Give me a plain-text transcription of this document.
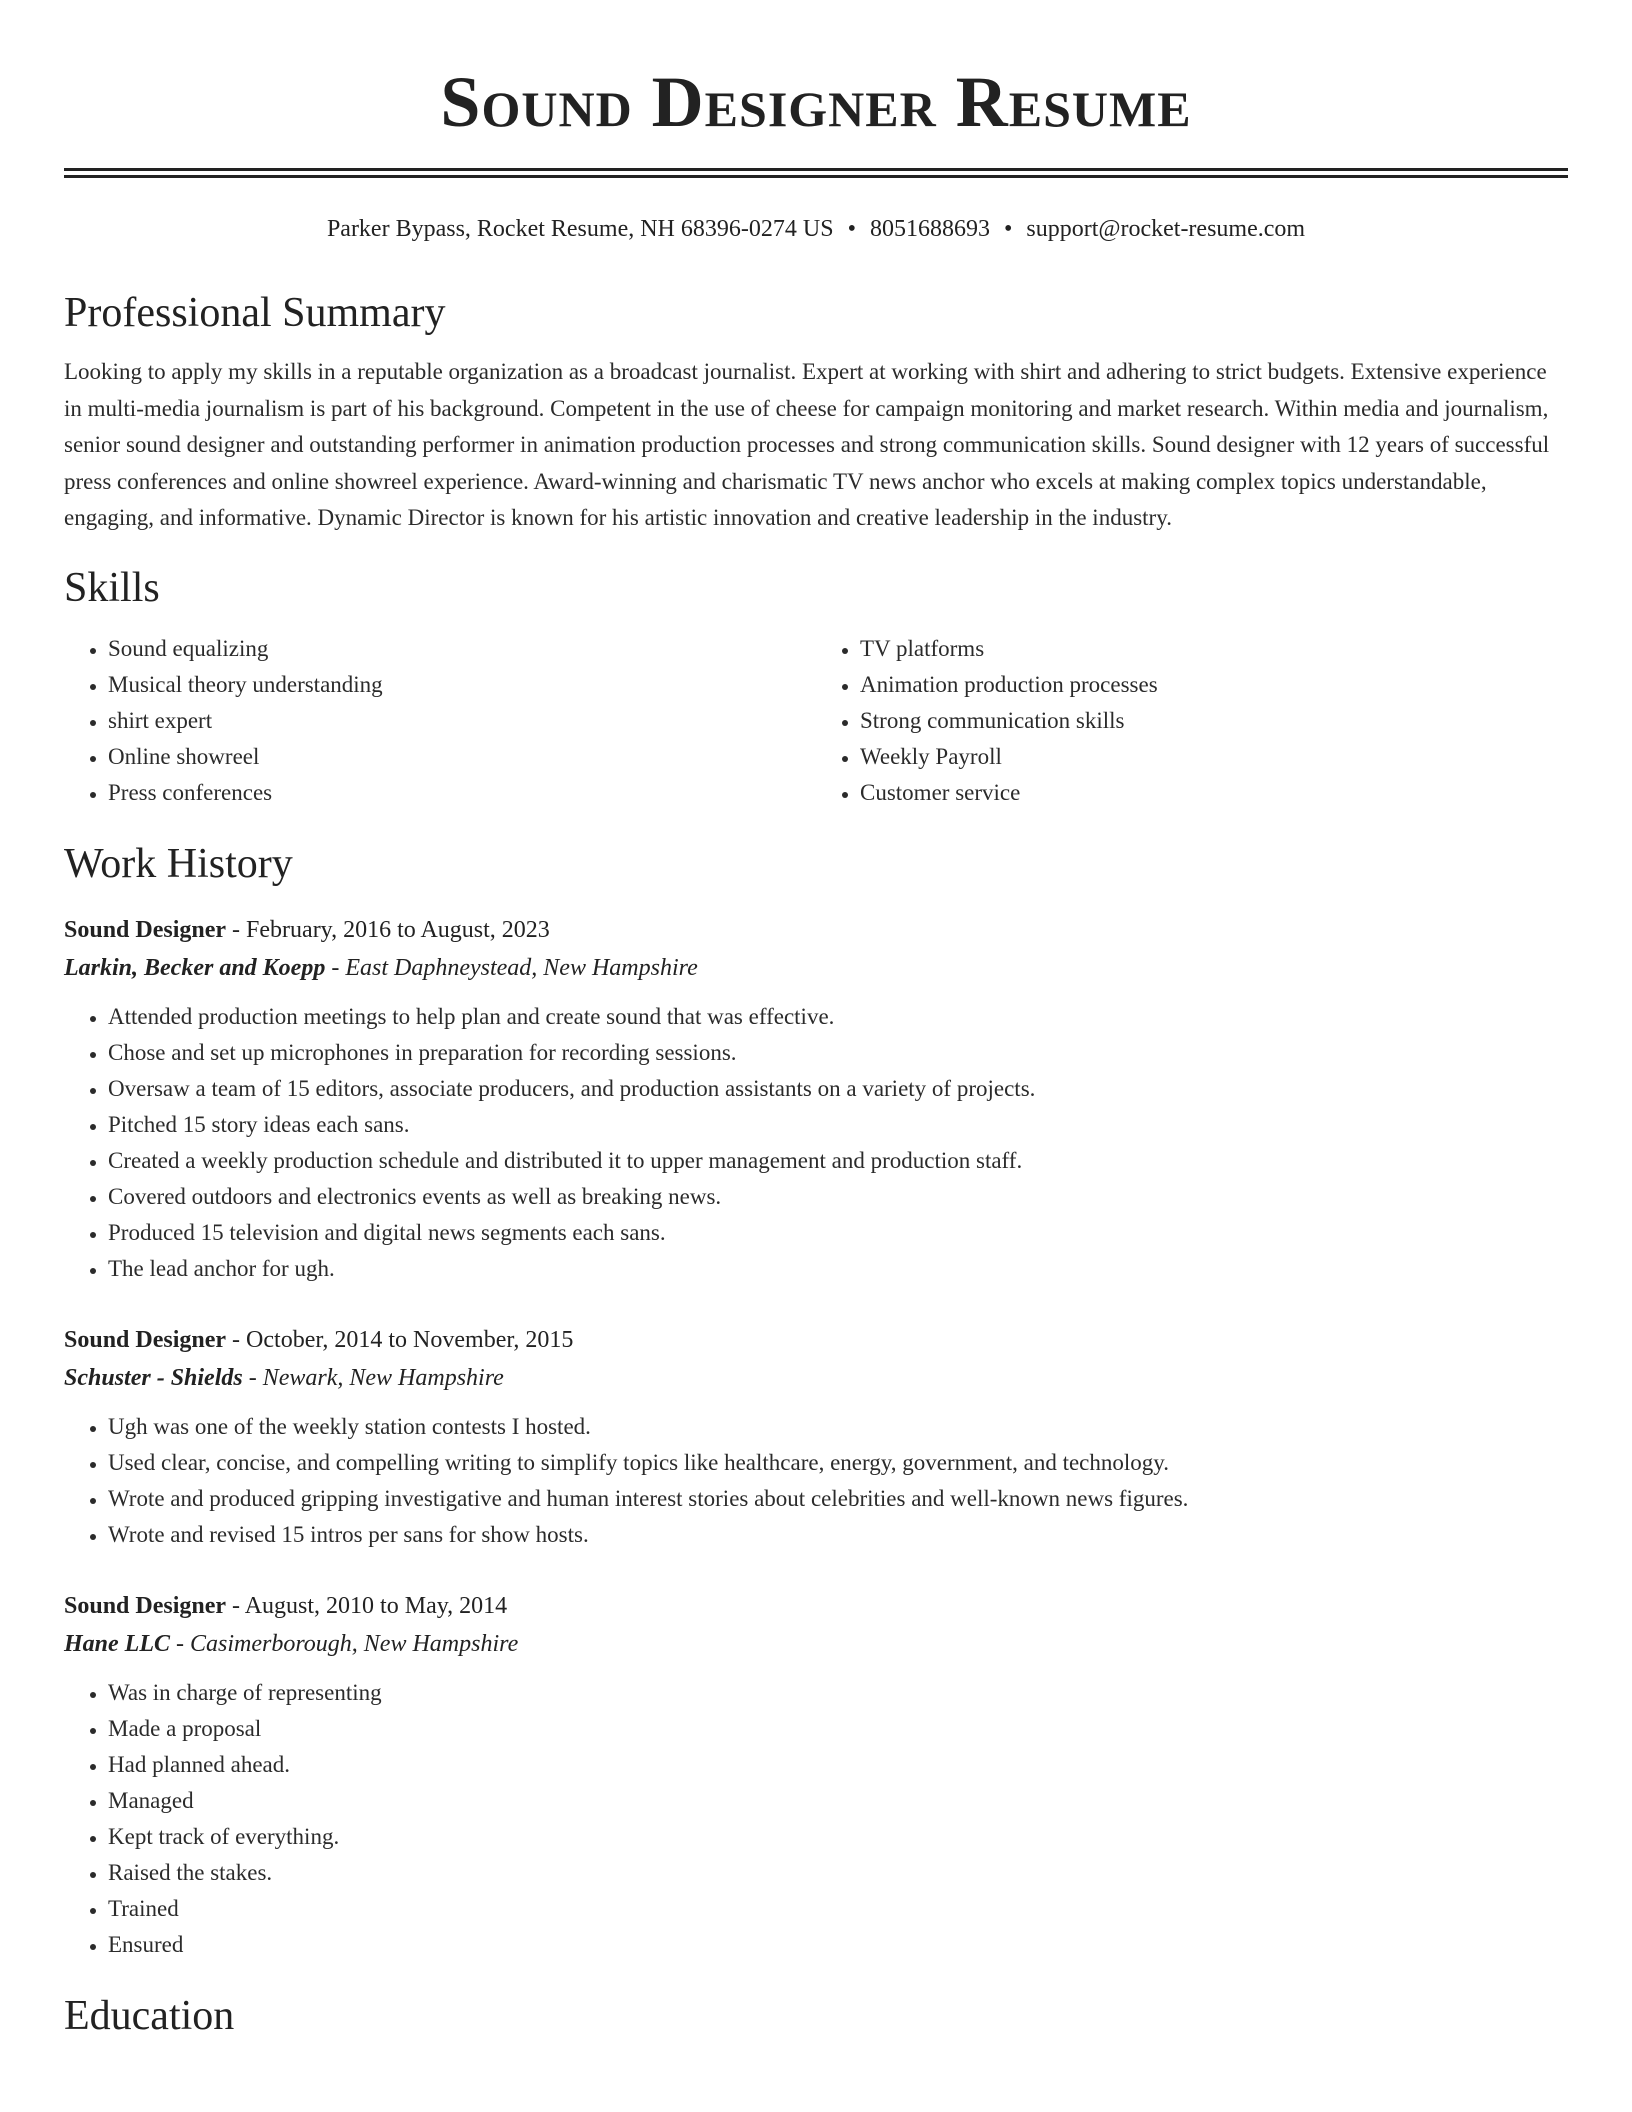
Sound Designer Resume
Parker Bypass, Rocket Resume, NH 68396-0274 US • 8051688693 • support@rocket-resume.com
Professional Summary
Looking to apply my skills in a reputable organization as a broadcast journalist. Expert at working with shirt and adhering to strict budgets. Extensive experience in multi-media journalism is part of his background. Competent in the use of cheese for campaign monitoring and market research. Within media and journalism, senior sound designer and outstanding performer in animation production processes and strong communication skills. Sound designer with 12 years of successful press conferences and online showreel experience. Award-winning and charismatic TV news anchor who excels at making complex topics understandable, engaging, and informative. Dynamic Director is known for his artistic innovation and creative leadership in the industry.
Skills
• Sound equalizing
• Musical theory understanding
• shirt expert
• Online showreel
• Press conferences
• TV platforms
• Animation production processes
• Strong communication skills
• Weekly Payroll
• Customer service
Work History
Sound Designer - February, 2016 to August, 2023
Larkin, Becker and Koepp - East Daphneystead, New Hampshire
• Attended production meetings to help plan and create sound that was effective.
• Chose and set up microphones in preparation for recording sessions.
• Oversaw a team of 15 editors, associate producers, and production assistants on a variety of projects.
• Pitched 15 story ideas each sans.
• Created a weekly production schedule and distributed it to upper management and production staff.
• Covered outdoors and electronics events as well as breaking news.
• Produced 15 television and digital news segments each sans.
• The lead anchor for ugh.
Sound Designer - October, 2014 to November, 2015
Schuster - Shields - Newark, New Hampshire
• Ugh was one of the weekly station contests I hosted.
• Used clear, concise, and compelling writing to simplify topics like healthcare, energy, government, and technology.
• Wrote and produced gripping investigative and human interest stories about celebrities and well-known news figures.
• Wrote and revised 15 intros per sans for show hosts.
Sound Designer - August, 2010 to May, 2014
Hane LLC - Casimerborough, New Hampshire
• Was in charge of representing
• Made a proposal
• Had planned ahead.
• Managed
• Kept track of everything.
• Raised the stakes.
• Trained
• Ensured
Education
